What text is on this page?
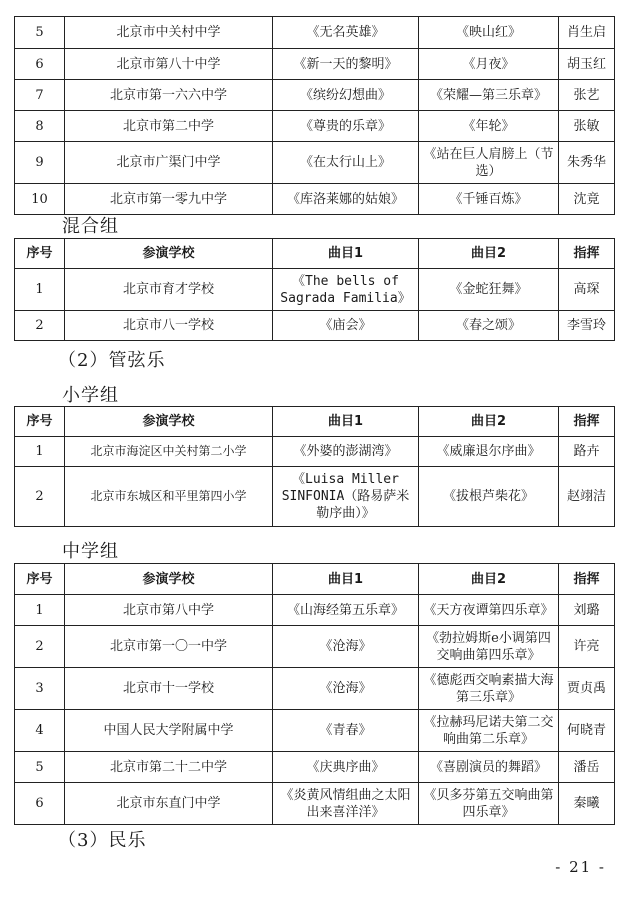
5	北京市中关村中学	《无名英雄》	《映山红》	肖生启
6	北京市第八十中学	《新一天的黎明》	《月夜》	胡玉红
7	北京市第一六六中学	《缤纷幻想曲》	《荣耀—第三乐章》	张艺
8	北京市第二中学	《尊贵的乐章》	《年轮》	张敏
9	北京市广渠门中学	《在太行山上》	《站在巨人肩膀上（节选）	朱秀华
10	北京市第一零九中学	《库洛莱娜的姑娘》	《千锤百炼》	沈竟
混合组
序号	参演学校	曲目1	曲目2	指挥
1	北京市育才学校	《The bells of Sagrada Familia》	《金蛇狂舞》	高琛
2	北京市八一学校	《庙会》	《春之颂》	李雪玲
（2）管弦乐
小学组
序号	参演学校	曲目1	曲目2	指挥
1	北京市海淀区中关村第二小学	《外婆的澎湖湾》	《威廉退尔序曲》	路卉
2	北京市东城区和平里第四小学	《Luisa Miller SINFONIA（路易萨米勒序曲）》	《拔根芦柴花》	赵翊洁
中学组
序号	参演学校	曲目1	曲目2	指挥
1	北京市第八中学	《山海经第五乐章》	《天方夜谭第四乐章》	刘璐
2	北京市第一〇一中学	《沧海》	《勃拉姆斯e小调第四交响曲第四乐章》	许亮
3	北京市十一学校	《沧海》	《德彪西交响素描大海 第三乐章》	贾贞禹
4	中国人民大学附属中学	《青春》	《拉赫玛尼诺夫第二交响曲第二乐章》	何晓青
5	北京市第二十二中学	《庆典序曲》	《喜剧演员的舞蹈》	潘岳
6	北京市东直门中学	《炎黄风情组曲之太阳出来喜洋洋》	《贝多芬第五交响曲第四乐章》	秦曦
（3）民乐
- 21 -
